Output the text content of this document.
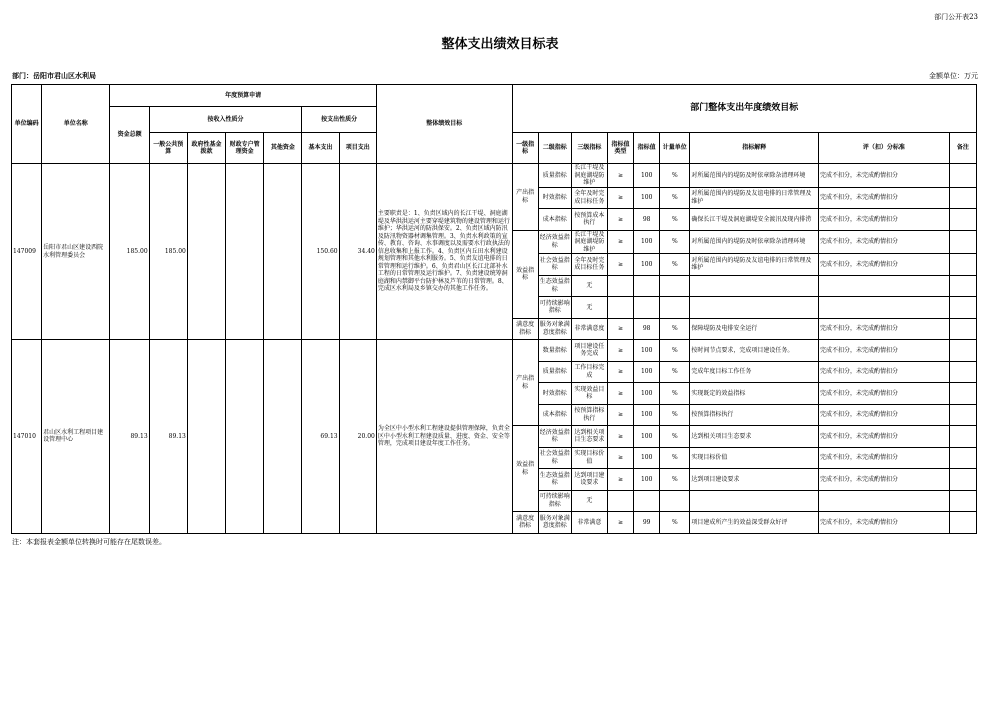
部门公开表23
整体支出绩效目标表
部门：岳阳市君山区水利局	金额单位：万元
单位编码	单位名称	年度预算申请							整体绩效目标	部门整体支出年度绩效目标								
		资金总额	按收入性质分				按支出性质分											
			一般公共预算	政府性基金拨款	财政专户管理资金	其他资金	基本支出	项目支出		一级指标	二级指标	三级指标	指标值类型	指标值	计量单位	指标解释	评（扣）分标准	备注
147009	岳阳市君山区建设西院水利管理委员会	185.00	185.00				150.60	34.40	主要职责是：1、负责区域内的长江干堤、洞庭湖堤及华洪洪运河主要穿堤建筑物的建设管理和运行维护；华洪运河的防洪保安。2、负责区域内防汛及防汛物资器材调集管理。3、负责水利政策的宣传、教育、咨询、水事调度以及需要水行政执法的信息收集和上报工作。4、负责区内丘田水利建设规划管理和其他水利服务。5、负责友谊电排的日常管理和运行维护。6、负责君山区长江北部补水工程的日常管理及运行维护。7、负责建设统筹洞庭湖和内禁御平台防护林及芦苇的日常管理。8、完成区水利局及乡镇交办的其他工作任务。	产出指标	质量指标	长江干堤及洞庭湖堤防维护	≥	100	%	对所属范围内的堤防及时依章除杂清理环境	完成不扣分，未完成酌情扣分	
											时效指标	全年及时完成目标任务	≥	100	%	对所属范围内的堤防及友谊电排的日常管理及维护	完成不扣分，未完成酌情扣分	
											成本指标	按预算成本执行	≥	98	%	确保长江干堤及洞庭湖堤安全渡汛及现内排涝	完成不扣分，未完成酌情扣分	
										效益指标	经济效益指标	长江干堤及洞庭湖堤防维护	≥	100	%	对所属范围内的堤防及时依章除杂清理环境	完成不扣分，未完成酌情扣分	
											社会效益指标	全年及时完成目标任务	≥	100	%	对所属范围内的堤防及友谊电排的日常管理及维护	完成不扣分，未完成酌情扣分	
											生态效益指标	无						
											可持续影响指标	无						
										满意度指标	服务对象满意度指标	非常满意度	≥	98	%	保障堤防及电排安全运行	完成不扣分，未完成酌情扣分	
147010	君山区水利工程项目建设管理中心	89.13	89.13				69.13	20.00	为全区中小型水利工程建设提供管理保障，负责全区中小型水利工程建设质量、进度、资金、安全等管理，完成项目建设年度工作任务。	产出指标	数量指标	项目建设任务完成	≥	100	%	按时间节点要求，完成项目建设任务。	完成不扣分，未完成酌情扣分	
											质量指标	工作目标完成	≥	100	%	完成年度目标工作任务	完成不扣分，未完成酌情扣分	
											时效指标	实现效益目标	≥	100	%	实现既定的效益指标	完成不扣分，未完成酌情扣分	
											成本指标	按预算指标执行	≥	100	%	按预算指标执行	完成不扣分，未完成酌情扣分	
										效益指标	经济效益指标	达到相关项目生态要求	≥	100	%	达到相关项目生态要求	完成不扣分，未完成酌情扣分	
											社会效益指标	实现目标价值	≥	100	%	实现目标价值	完成不扣分，未完成酌情扣分	
											生态效益指标	达到项目建设要求	≥	100	%	达到项目建设要求	完成不扣分，未完成酌情扣分	
											可持续影响指标	无						
										满意度指标	服务对象满意度指标	非常满意	≥	99	%	项目建成所产生的效益深受群众好评	完成不扣分，未完成酌情扣分	
注：本套报表金额单位转换时可能存在尾数误差。
